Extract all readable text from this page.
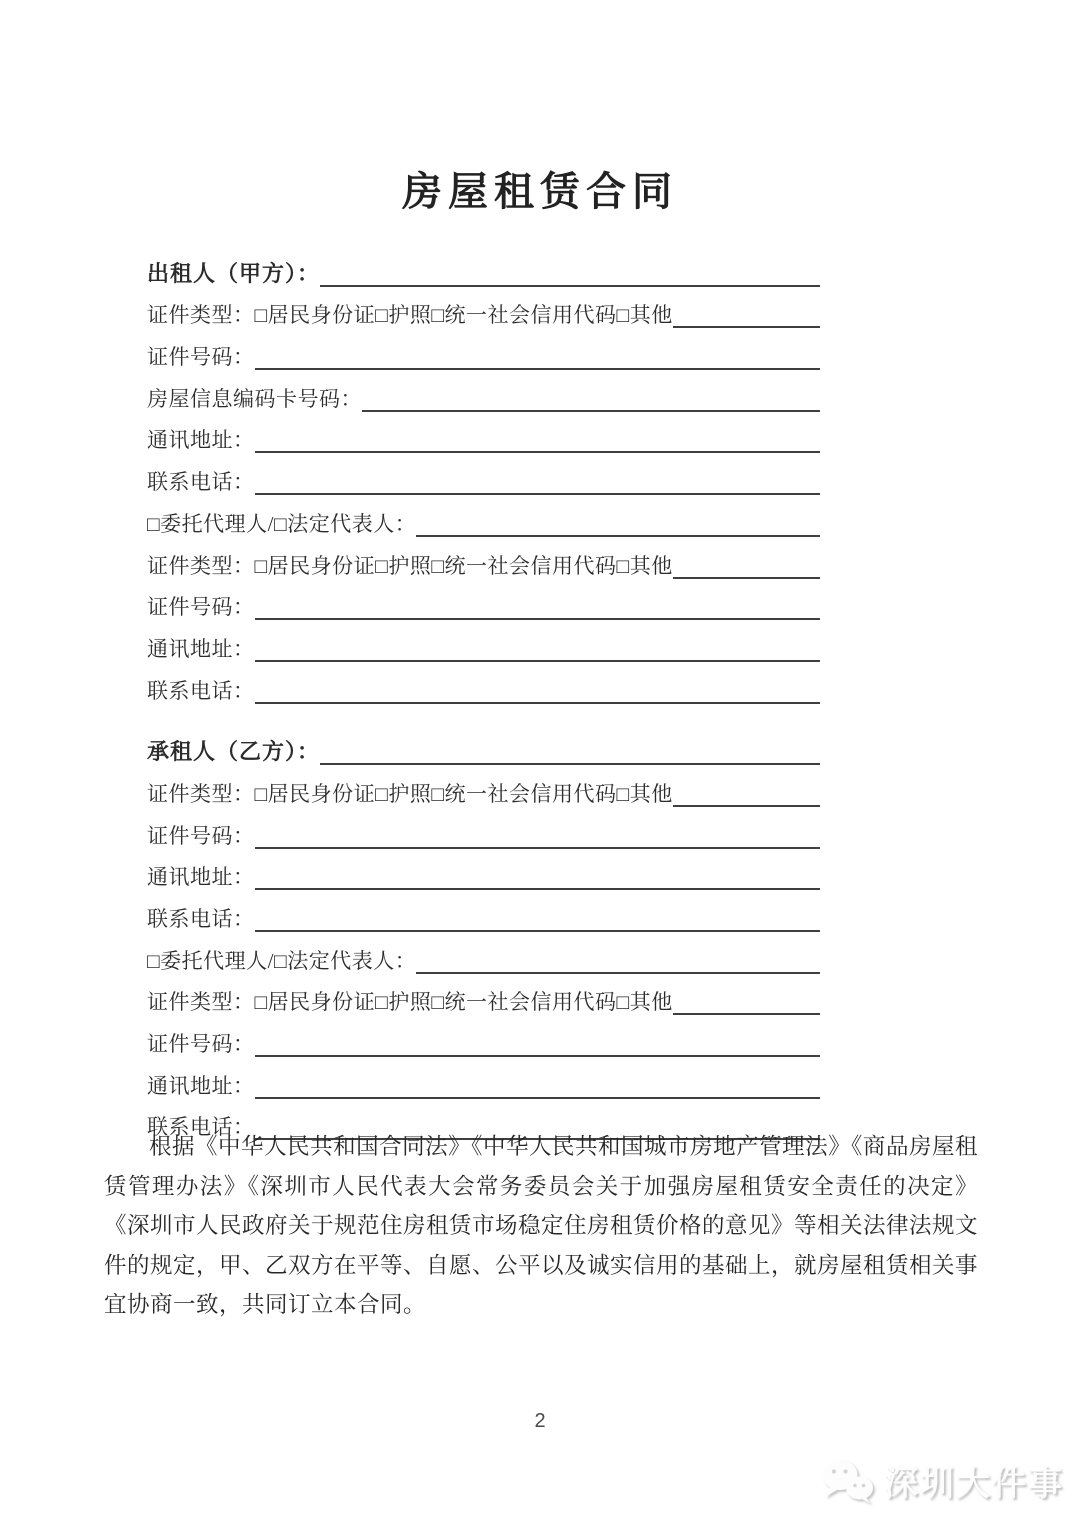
房屋租赁合同
出租人（甲方）：
证件类型：□居民身份证□护照□统一社会信用代码□其他
证件号码：
房屋信息编码卡号码：
通讯地址：
联系电话：
□委托代理人/□法定代表人：
证件类型：□居民身份证□护照□统一社会信用代码□其他
证件号码：
通讯地址：
联系电话：
承租人（乙方）：
证件类型：□居民身份证□护照□统一社会信用代码□其他
证件号码：
通讯地址：
联系电话：
□委托代理人/□法定代表人：
证件类型：□居民身份证□护照□统一社会信用代码□其他
证件号码：
通讯地址：
联系电话：
根据《中华人民共和国合同法》《中华人民共和国城市房地产管理法》《商品房屋租赁管理办法》《深圳市人民代表大会常务委员会关于加强房屋租赁安全责任的决定》《深圳市人民政府关于规范住房租赁市场稳定住房租赁价格的意见》等相关法律法规文件的规定，甲、乙双方在平等、自愿、公平以及诚实信用的基础上，就房屋租赁相关事宜协商一致，共同订立本合同。
2
深圳大件事
